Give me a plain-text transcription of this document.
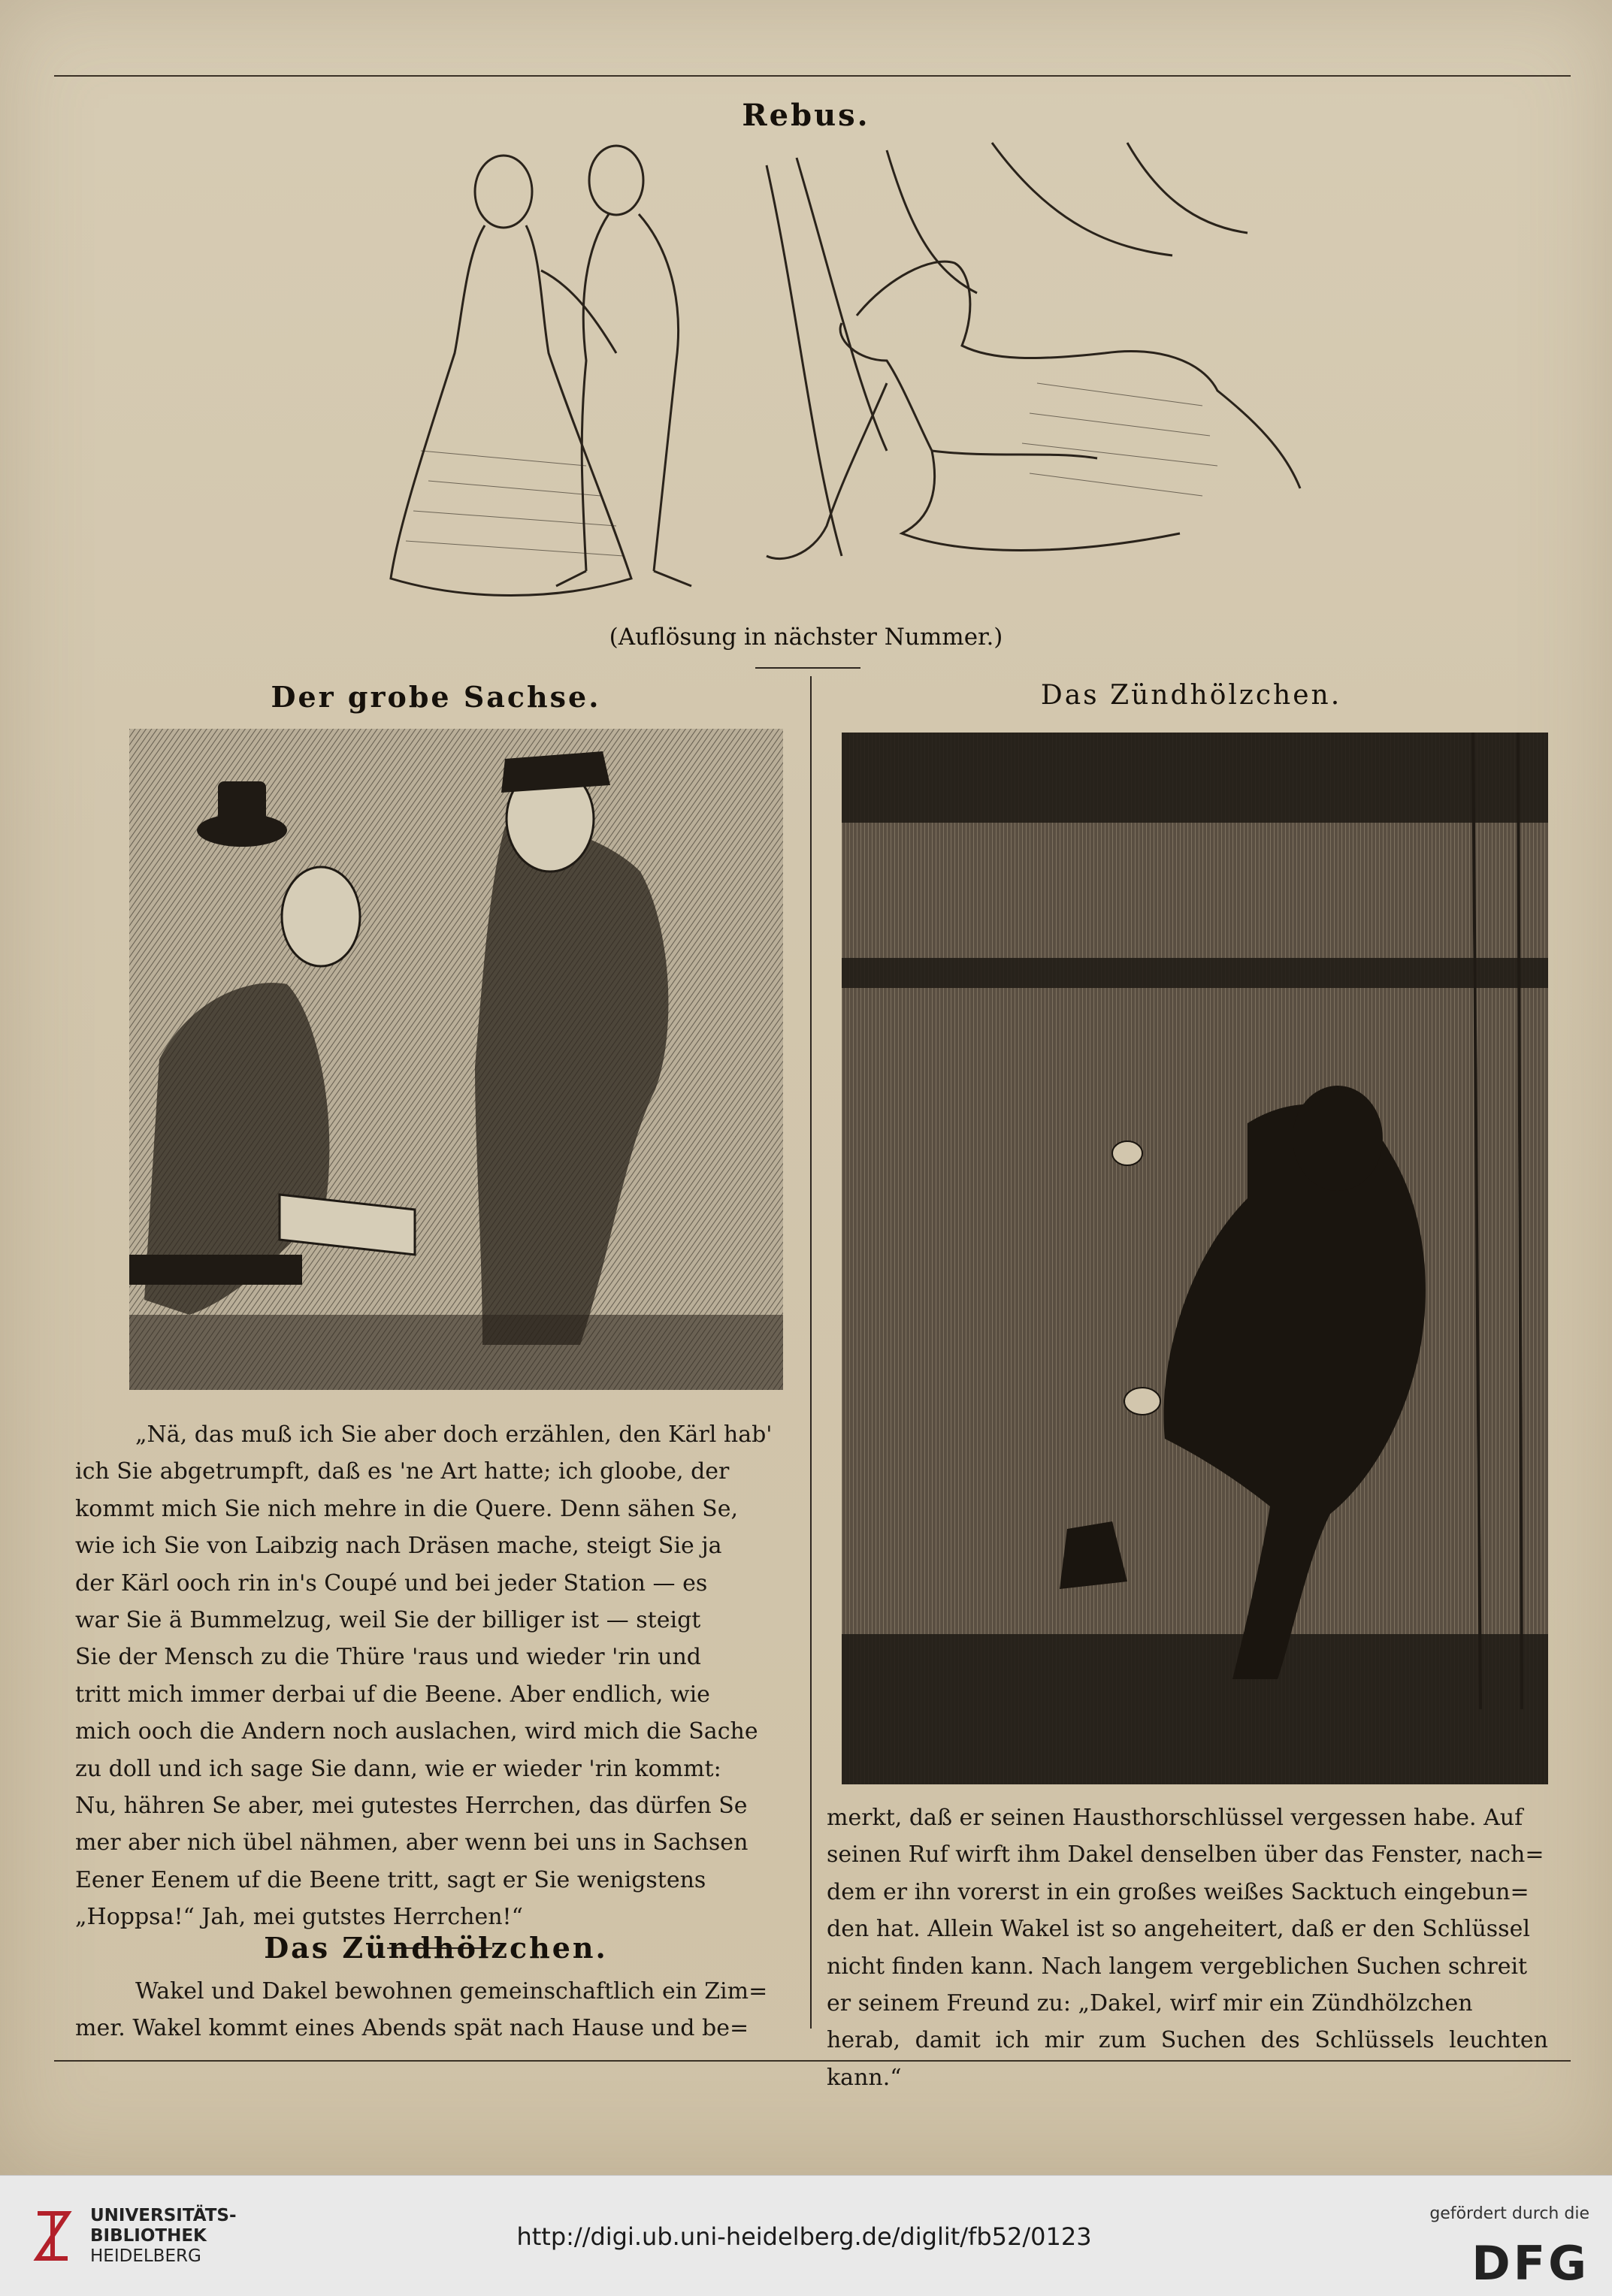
Rebus.
(Auflösung in nächster Nummer.)
Der grobe Sachse.
„Nä, das muß ich Sie aber doch erzählen, den Kärl hab'
ich Sie abgetrumpft, daß es 'ne Art hatte; ich gloobe, der
kommt mich Sie nich mehre in die Quere. Denn sähen Se,
wie ich Sie von Laibzig nach Dräsen mache, steigt Sie ja
der Kärl ooch rin in's Coupé und bei jeder Station — es
war Sie ä Bummelzug, weil Sie der billiger ist — steigt
Sie der Mensch zu die Thüre 'raus und wieder 'rin und
tritt mich immer derbai uf die Beene. Aber endlich, wie
mich ooch die Andern noch auslachen, wird mich die Sache
zu doll und ich sage Sie dann, wie er wieder 'rin kommt:
Nu, hähren Se aber, mei gutestes Herrchen, das dürfen Se
mer aber nich übel nähmen, aber wenn bei uns in Sachsen
Eener Eenem uf die Beene tritt, sagt er Sie wenigstens
„Hoppsa!“ Jah, mei gutstes Herrchen!“
Das Zündhölzchen.
Wakel und Dakel bewohnen gemeinschaftlich ein Zim=
mer. Wakel kommt eines Abends spät nach Hause und be=
Das Zündhölzchen.
merkt, daß er seinen Hausthorschlüssel vergessen habe. Auf
seinen Ruf wirft ihm Dakel denselben über das Fenster, nach=
dem er ihn vorerst in ein großes weißes Sacktuch eingebun=
den hat. Allein Wakel ist so angeheitert, daß er den Schlüssel
nicht finden kann. Nach langem vergeblichen Suchen schreit
er seinem Freund zu: „Dakel, wirf mir ein Zündhölzchen
herab, damit ich mir zum Suchen des Schlüssels leuchten kann.“
UNIVERSITÄTS-
BIBLIOTHEK
HEIDELBERG
http://digi.ub.uni-heidelberg.de/diglit/fb52/0123
gefördert durch die
DFG
